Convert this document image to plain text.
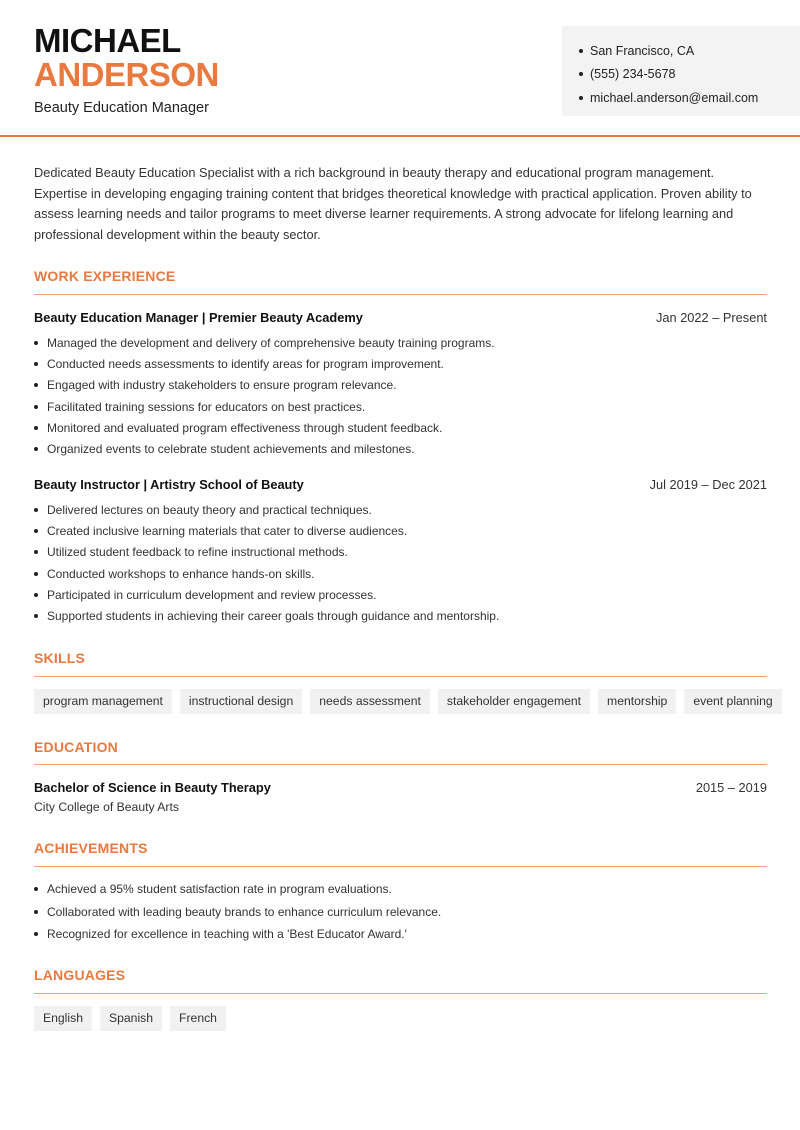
MICHAEL
ANDERSON
Beauty Education Manager
San Francisco, CA
(555) 234-5678
michael.anderson@email.com

Dedicated Beauty Education Specialist with a rich background in beauty therapy and educational program management. Expertise in developing engaging training content that bridges theoretical knowledge with practical application. Proven ability to assess learning needs and tailor programs to meet diverse learner requirements. A strong advocate for lifelong learning and professional development within the beauty sector.

WORK EXPERIENCE
Beauty Education Manager | Premier Beauty Academy	Jan 2022 – Present
Managed the development and delivery of comprehensive beauty training programs.
Conducted needs assessments to identify areas for program improvement.
Engaged with industry stakeholders to ensure program relevance.
Facilitated training sessions for educators on best practices.
Monitored and evaluated program effectiveness through student feedback.
Organized events to celebrate student achievements and milestones.
Beauty Instructor | Artistry School of Beauty	Jul 2019 – Dec 2021
Delivered lectures on beauty theory and practical techniques.
Created inclusive learning materials that cater to diverse audiences.
Utilized student feedback to refine instructional methods.
Conducted workshops to enhance hands-on skills.
Participated in curriculum development and review processes.
Supported students in achieving their career goals through guidance and mentorship.
SKILLS
program management	instructional design	needs assessment	stakeholder engagement	mentorship	event planning
EDUCATION
Bachelor of Science in Beauty Therapy	2015 – 2019
City College of Beauty Arts
ACHIEVEMENTS
Achieved a 95% student satisfaction rate in program evaluations.
Collaborated with leading beauty brands to enhance curriculum relevance.
Recognized for excellence in teaching with a 'Best Educator Award.'
LANGUAGES
English	Spanish	French
